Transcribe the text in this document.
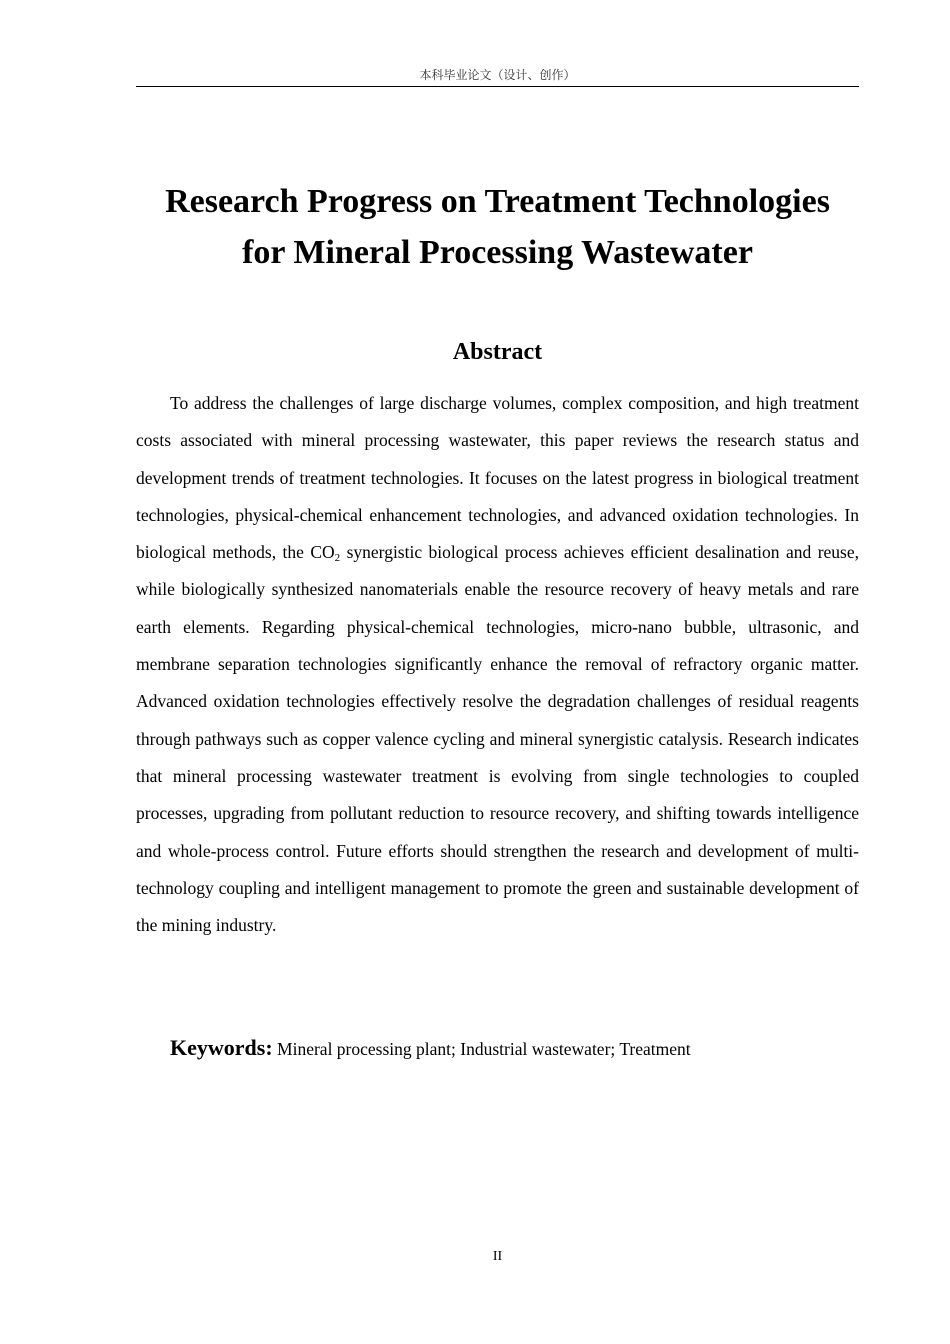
本科毕业论文（设计、创作）
Research Progress on Treatment Technologies
for Mineral Processing Wastewater
Abstract

To address the challenges of large discharge volumes, complex composition, and high treatment costs associated with mineral processing wastewater, this paper reviews the research status and development trends of treatment technologies. It focuses on the latest progress in biological treatment technologies, physical-chemical enhancement technologies, and advanced oxidation technologies. In biological methods, the $CO_2$ synergistic biological process achieves efficient desalination and reuse, while biologically synthesized nanomaterials enable the resource recovery of heavy metals and rare earth elements. Regarding physical-chemical technologies, micro-nano bubble, ultrasonic, and membrane separation technologies significantly enhance the removal of refractory organic matter. Advanced oxidation technologies effectively resolve the degradation challenges of residual reagents through pathways such as copper valence cycling and mineral synergistic catalysis. Research indicates that mineral processing wastewater treatment is evolving from single technologies to coupled processes, upgrading from pollutant reduction to resource recovery, and shifting towards intelligence and whole-process control. Future efforts should strengthen the research and development of multi-technology coupling and intelligent management to promote the green and sustainable development of the mining industry.

Keywords: Mineral processing plant; Industrial wastewater; Treatment

II
